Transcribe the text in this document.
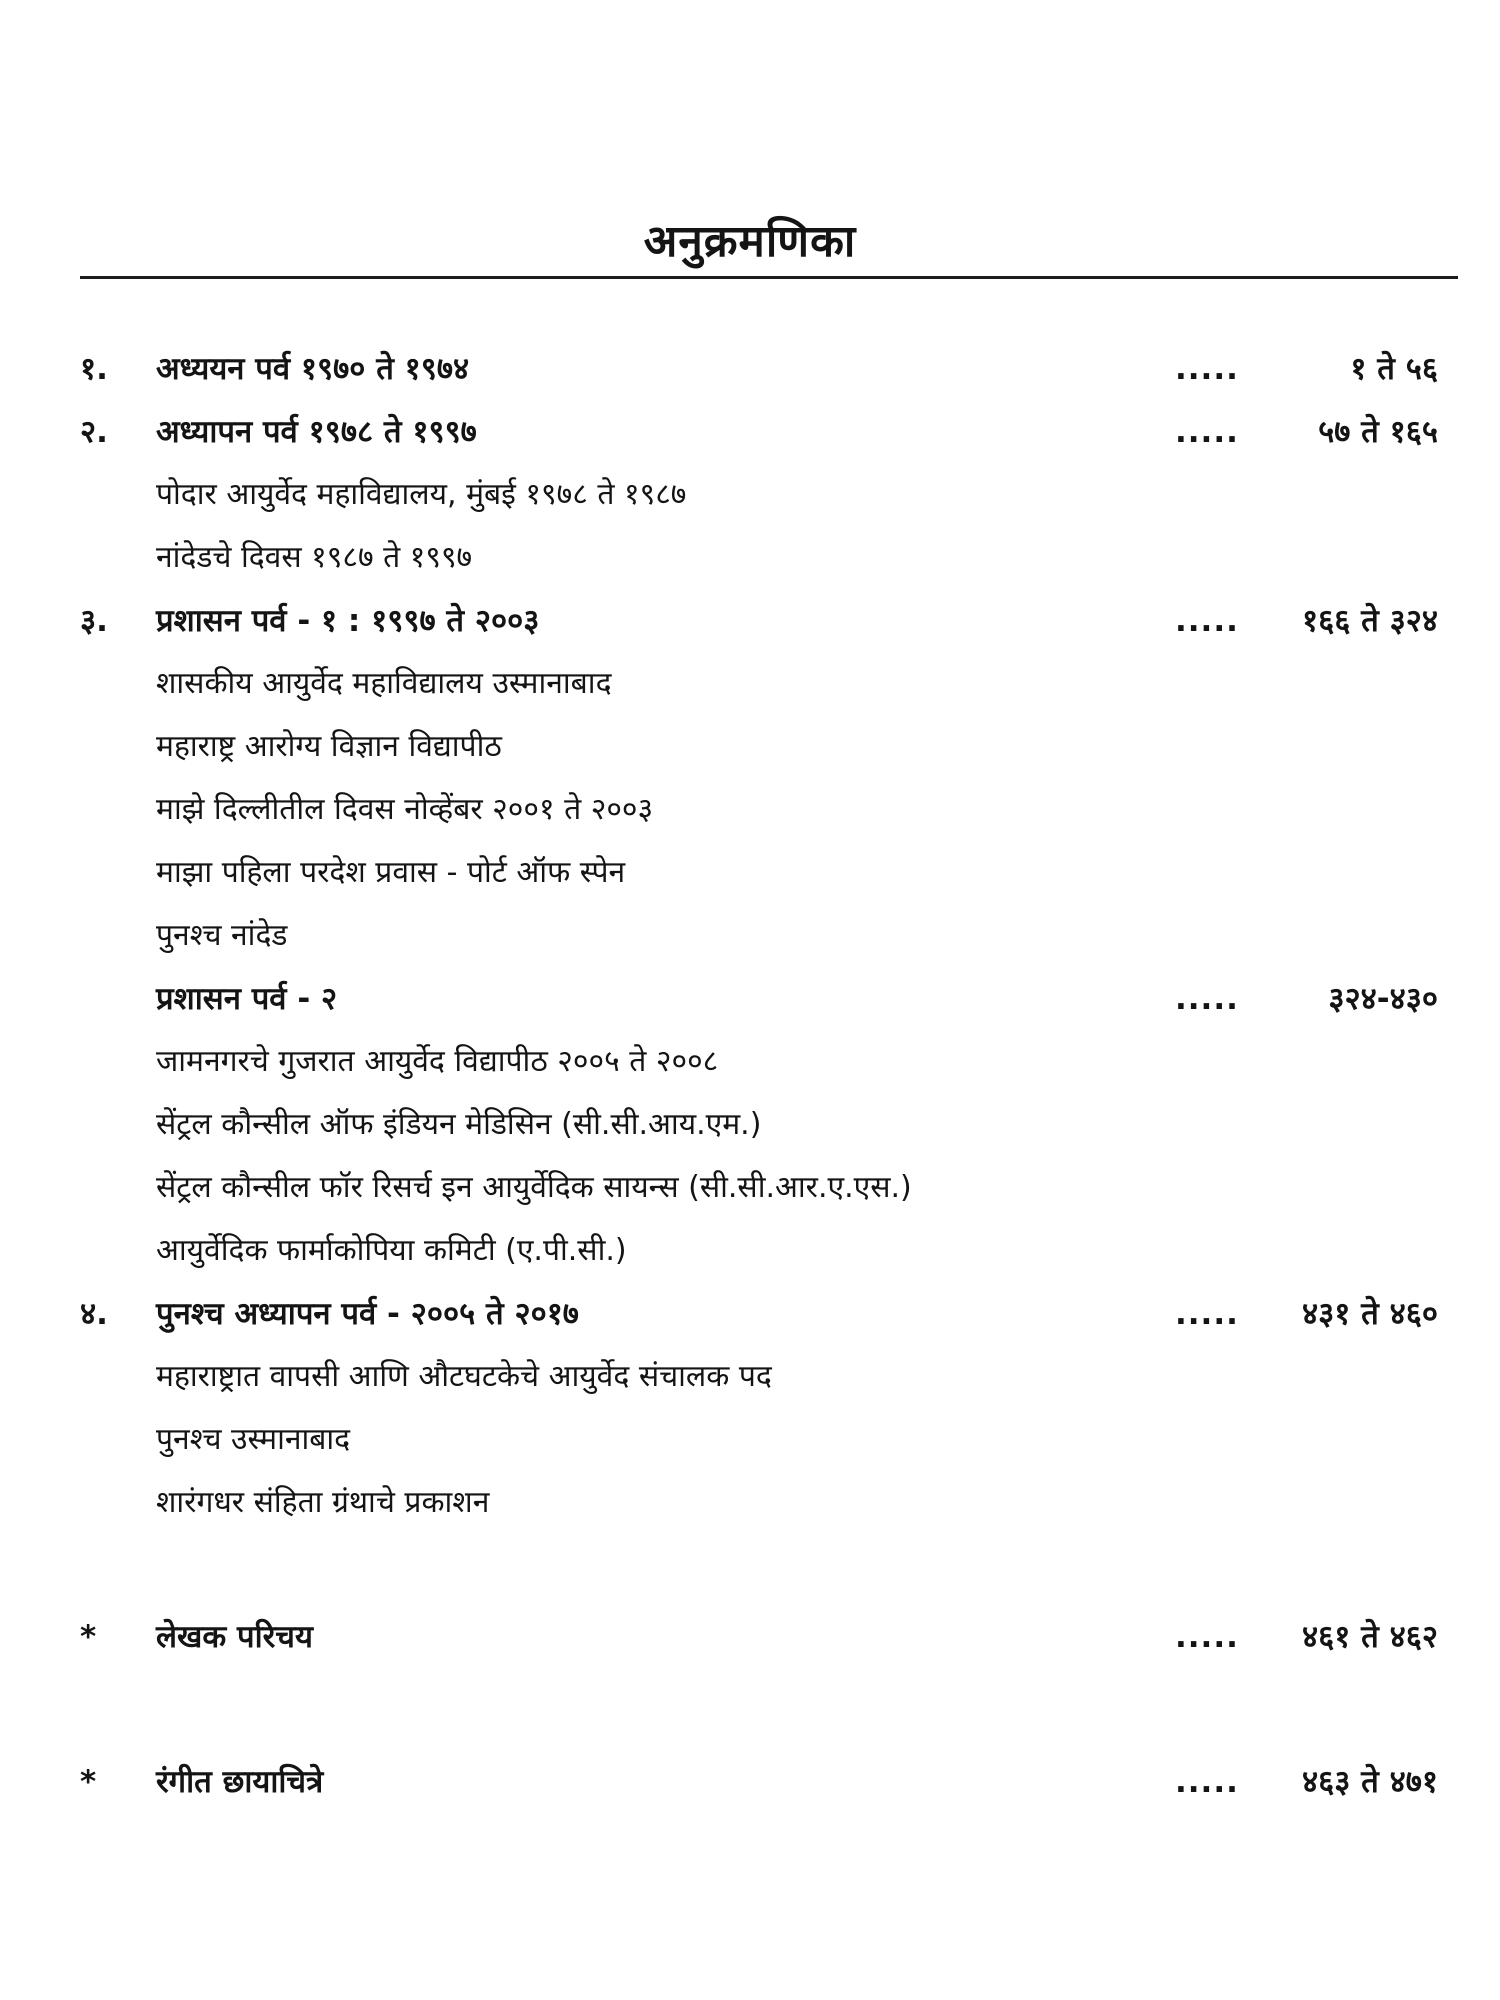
अनुक्रमणिका
१. अध्ययन पर्व १९७० ते १९७४	.....	१ ते ५६
२. अध्यापन पर्व १९७८ ते १९९७	.....	५७ ते १६५
पोदार आयुर्वेद महाविद्यालय, मुंबई १९७८ ते १९८७
नांदेडचे दिवस १९८७ ते १९९७
३. प्रशासन पर्व - १ : १९९७ ते २००३	..... १६६ ते ३२४
शासकीय आयुर्वेद महाविद्यालय उस्मानाबाद
महाराष्ट्र आरोग्य विज्ञान विद्यापीठ
माझे दिल्लीतील दिवस नोव्हेंबर २००१ ते २००३
माझा पहिला परदेश प्रवास - पोर्ट ऑफ स्पेन
पुनश्च नांदेड
प्रशासन पर्व - २	.....	३२४-४३०
जामनगरचे गुजरात आयुर्वेद विद्यापीठ २००५ ते २००८
सेंट्रल कौन्सील ऑफ इंडियन मेडिसिन (सी.सी.आय.एम.)
सेंट्रल कौन्सील फॉर रिसर्च इन आयुर्वेदिक सायन्स (सी.सी.आर.ए.एस.)
आयुर्वेदिक फार्माकोपिया कमिटी (ए.पी.सी.)
४. पुनश्च अध्यापन पर्व - २००५ ते २०१७	..... ४३१ ते ४६०
महाराष्ट्रात वापसी आणि औटघटकेचे आयुर्वेद संचालक पद
पुनश्च उस्मानाबाद
शारंगधर संहिता ग्रंथाचे प्रकाशन
* लेखक परिचय	..... ४६१ ते ४६२
* रंगीत छायाचित्रे	..... ४६३ ते ४७१
